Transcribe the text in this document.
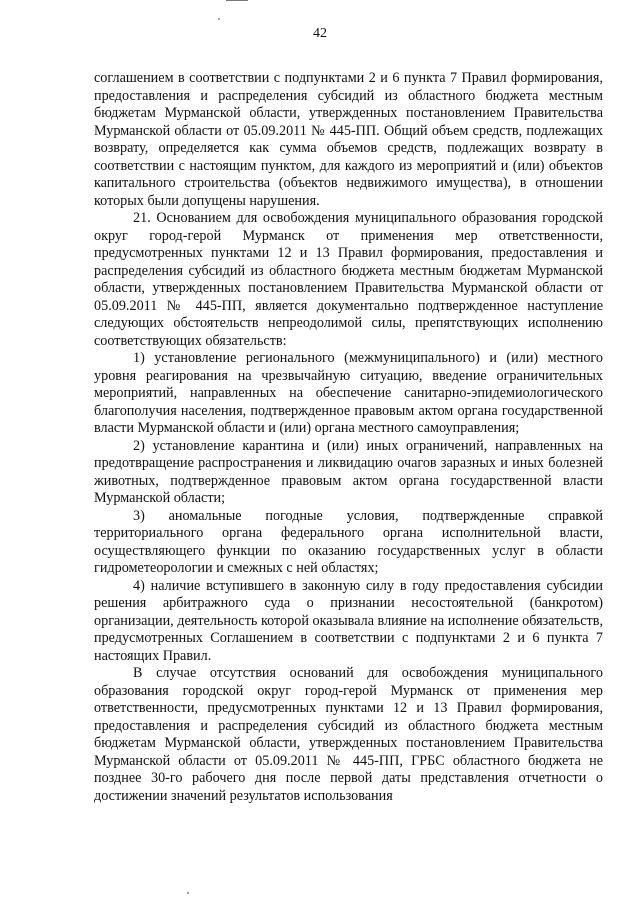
42

соглашением в соответствии с подпунктами 2 и 6 пункта 7 Правил формирования, предоставления и распределения субсидий из областного бюджета местным бюджетам Мурманской области, утвержденных постановлением Правительства Мурманской области от 05.09.2011 № 445-ПП. Общий объем средств, подлежащих возврату, определяется как сумма объемов средств, подлежащих возврату в соответствии с настоящим пунктом, для каждого из мероприятий и (или) объектов капитального строительства (объектов недвижимого имущества), в отношении которых были допущены нарушения.

21. Основанием для освобождения муниципального образования городской округ город-герой Мурманск от применения мер ответственности, предусмотренных пунктами 12 и 13 Правил формирования, предоставления и распределения субсидий из областного бюджета местным бюджетам Мурманской области, утвержденных постановлением Правительства Мурманской области от 05.09.2011 № 445-ПП, является документально подтвержденное наступление следующих обстоятельств непреодолимой силы, препятствующих исполнению соответствующих обязательств:

1) установление регионального (межмуниципального) и (или) местного уровня реагирования на чрезвычайную ситуацию, введение ограничительных мероприятий, направленных на обеспечение санитарно-эпидемиологического благополучия населения, подтвержденное правовым актом органа государственной власти Мурманской области и (или) органа местного самоуправления;

2) установление карантина и (или) иных ограничений, направленных на предотвращение распространения и ликвидацию очагов заразных и иных болезней животных, подтвержденное правовым актом органа государственной власти Мурманской области;

3) аномальные погодные условия, подтвержденные справкой территориального органа федерального органа исполнительной власти, осуществляющего функции по оказанию государственных услуг в области гидрометеорологии и смежных с ней областях;

4) наличие вступившего в законную силу в году предоставления субсидии решения арбитражного суда о признании несостоятельной (банкротом) организации, деятельность которой оказывала влияние на исполнение обязательств, предусмотренных Соглашением в соответствии с подпунктами 2 и 6 пункта 7 настоящих Правил.

В случае отсутствия оснований для освобождения муниципального образования городской округ город-герой Мурманск от применения мер ответственности, предусмотренных пунктами 12 и 13 Правил формирования, предоставления и распределения субсидий из областного бюджета местным бюджетам Мурманской области, утвержденных постановлением Правительства Мурманской области от 05.09.2011 № 445-ПП, ГРБС областного бюджета не позднее 30-го рабочего дня после первой даты представления отчетности о достижении значений результатов использования
